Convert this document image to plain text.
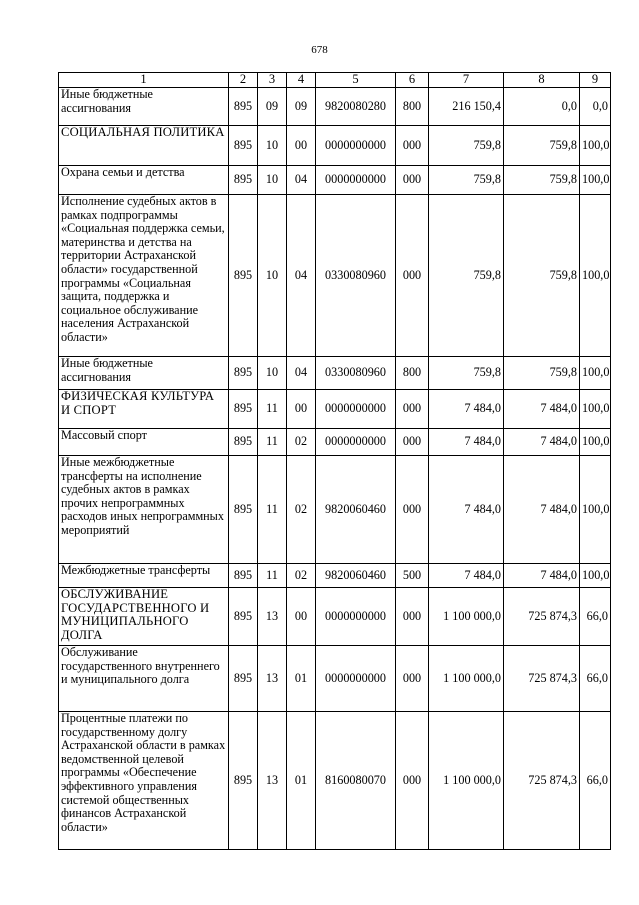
678
1	2	3	4	5	6	7	8	9
Иные бюджетные ассигнования	895	09	09	9820080280	800	216 150,4	0,0	0,0
СОЦИАЛЬНАЯ ПОЛИТИКА	895	10	00	0000000000	000	759,8	759,8	100,0
Охрана семьи и детства	895	10	04	0000000000	000	759,8	759,8	100,0
Исполнение судебных актов в рамках подпрограммы «Социальная поддержка семьи, материнства и детства на территории Астраханской области» государственной программы «Социальная защита, поддержка и социальное обслуживание населения Астраханской области»	895	10	04	0330080960	000	759,8	759,8	100,0
Иные бюджетные ассигнования	895	10	04	0330080960	800	759,8	759,8	100,0
ФИЗИЧЕСКАЯ КУЛЬТУРА И СПОРТ	895	11	00	0000000000	000	7 484,0	7 484,0	100,0
Массовый спорт	895	11	02	0000000000	000	7 484,0	7 484,0	100,0
Иные межбюджетные трансферты на исполнение судебных актов в рамках прочих непрограммных расходов иных непрограммных мероприятий	895	11	02	9820060460	000	7 484,0	7 484,0	100,0
Межбюджетные трансферты	895	11	02	9820060460	500	7 484,0	7 484,0	100,0
ОБСЛУЖИВАНИЕ ГОСУДАРСТВЕННОГО И МУНИЦИПАЛЬНОГО ДОЛГА	895	13	00	0000000000	000	1 100 000,0	725 874,3	66,0
Обслуживание государственного внутреннего и муниципального долга	895	13	01	0000000000	000	1 100 000,0	725 874,3	66,0
Процентные платежи по государственному долгу Астраханской области в рамках ведомственной целевой программы «Обеспечение эффективного управления системой общественных финансов Астраханской области»	895	13	01	8160080070	000	1 100 000,0	725 874,3	66,0
